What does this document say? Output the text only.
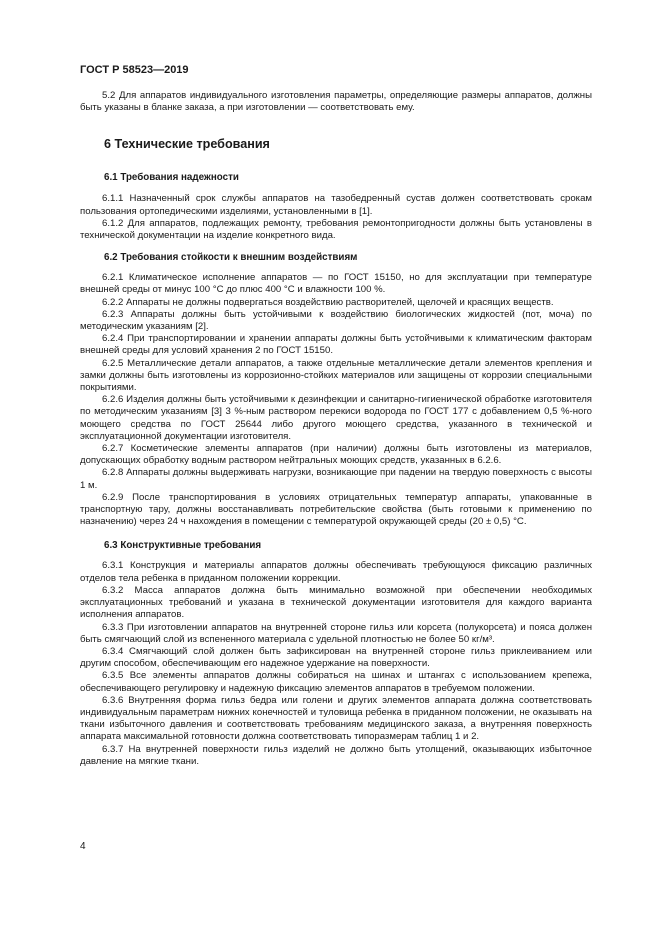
ГОСТ Р 58523—2019

5.2 Для аппаратов индивидуального изготовления параметры, определяющие размеры аппаратов, должны быть указаны в бланке заказа, а при изготовлении — соответствовать ему.

6 Технические требования
6.1 Требования надежности

6.1.1 Назначенный срок службы аппаратов на тазобедренный сустав должен соответствовать срокам пользования ортопедическими изделиями, установленными в [1].

6.1.2 Для аппаратов, подлежащих ремонту, требования ремонтопригодности должны быть установлены в технической документации на изделие конкретного вида.

6.2 Требования стойкости к внешним воздействиям

6.2.1 Климатическое исполнение аппаратов — по ГОСТ 15150, но для эксплуатации при температуре внешней среды от минус 100 °С до плюс 400 °С и влажности 100 %.

6.2.2 Аппараты не должны подвергаться воздействию растворителей, щелочей и красящих веществ.

6.2.3 Аппараты должны быть устойчивыми к воздействию биологических жидкостей (пот, моча) по методическим указаниям [2].

6.2.4 При транспортировании и хранении аппараты должны быть устойчивыми к климатическим факторам внешней среды для условий хранения 2 по ГОСТ 15150.

6.2.5 Металлические детали аппаратов, а также отдельные металлические детали элементов крепления и замки должны быть изготовлены из коррозионно-стойких материалов или защищены от коррозии специальными покрытиями.

6.2.6 Изделия должны быть устойчивыми к дезинфекции и санитарно-гигиенической обработке изготовителя по методическим указаниям [3] 3 %-ным раствором перекиси водорода по ГОСТ 177 с добавлением 0,5 %-ного моющего средства по ГОСТ 25644 либо другого моющего средства, указанного в технической и эксплуатационной документации изготовителя.

6.2.7 Косметические элементы аппаратов (при наличии) должны быть изготовлены из материалов, допускающих обработку водным раствором нейтральных моющих средств, указанных в 6.2.6.

6.2.8 Аппараты должны выдерживать нагрузки, возникающие при падении на твердую поверхность с высоты 1 м.

6.2.9 После транспортирования в условиях отрицательных температур аппараты, упакованные в транспортную тару, должны восстанавливать потребительские свойства (быть готовыми к применению по назначению) через 24 ч нахождения в помещении с температурой окружающей среды (20 ± 0,5) °С.

6.3 Конструктивные требования

6.3.1 Конструкция и материалы аппаратов должны обеспечивать требующуюся фиксацию различных отделов тела ребенка в приданном положении коррекции.

6.3.2 Масса аппаратов должна быть минимально возможной при обеспечении необходимых эксплуатационных требований и указана в технической документации изготовителя для каждого варианта исполнения аппаратов.

6.3.3 При изготовлении аппаратов на внутренней стороне гильз или корсета (полукорсета) и пояса должен быть смягчающий слой из вспененного материала с удельной плотностью не более 50 кг/м³.

6.3.4 Смягчающий слой должен быть зафиксирован на внутренней стороне гильз приклеиванием или другим способом, обеспечивающим его надежное удержание на поверхности.

6.3.5 Все элементы аппаратов должны собираться на шинах и штангах с использованием крепежа, обеспечивающего регулировку и надежную фиксацию элементов аппаратов в требуемом положении.

6.3.6 Внутренняя форма гильз бедра или голени и других элементов аппарата должна соответствовать индивидуальным параметрам нижних конечностей и туловища ребенка в приданном положении, не оказывать на ткани избыточного давления и соответствовать требованиям медицинского заказа, а внутренняя поверхность аппарата максимальной готовности должна соответствовать типоразмерам таблиц 1 и 2.

6.3.7 На внутренней поверхности гильз изделий не должно быть утолщений, оказывающих избыточное давление на мягкие ткани.

4
